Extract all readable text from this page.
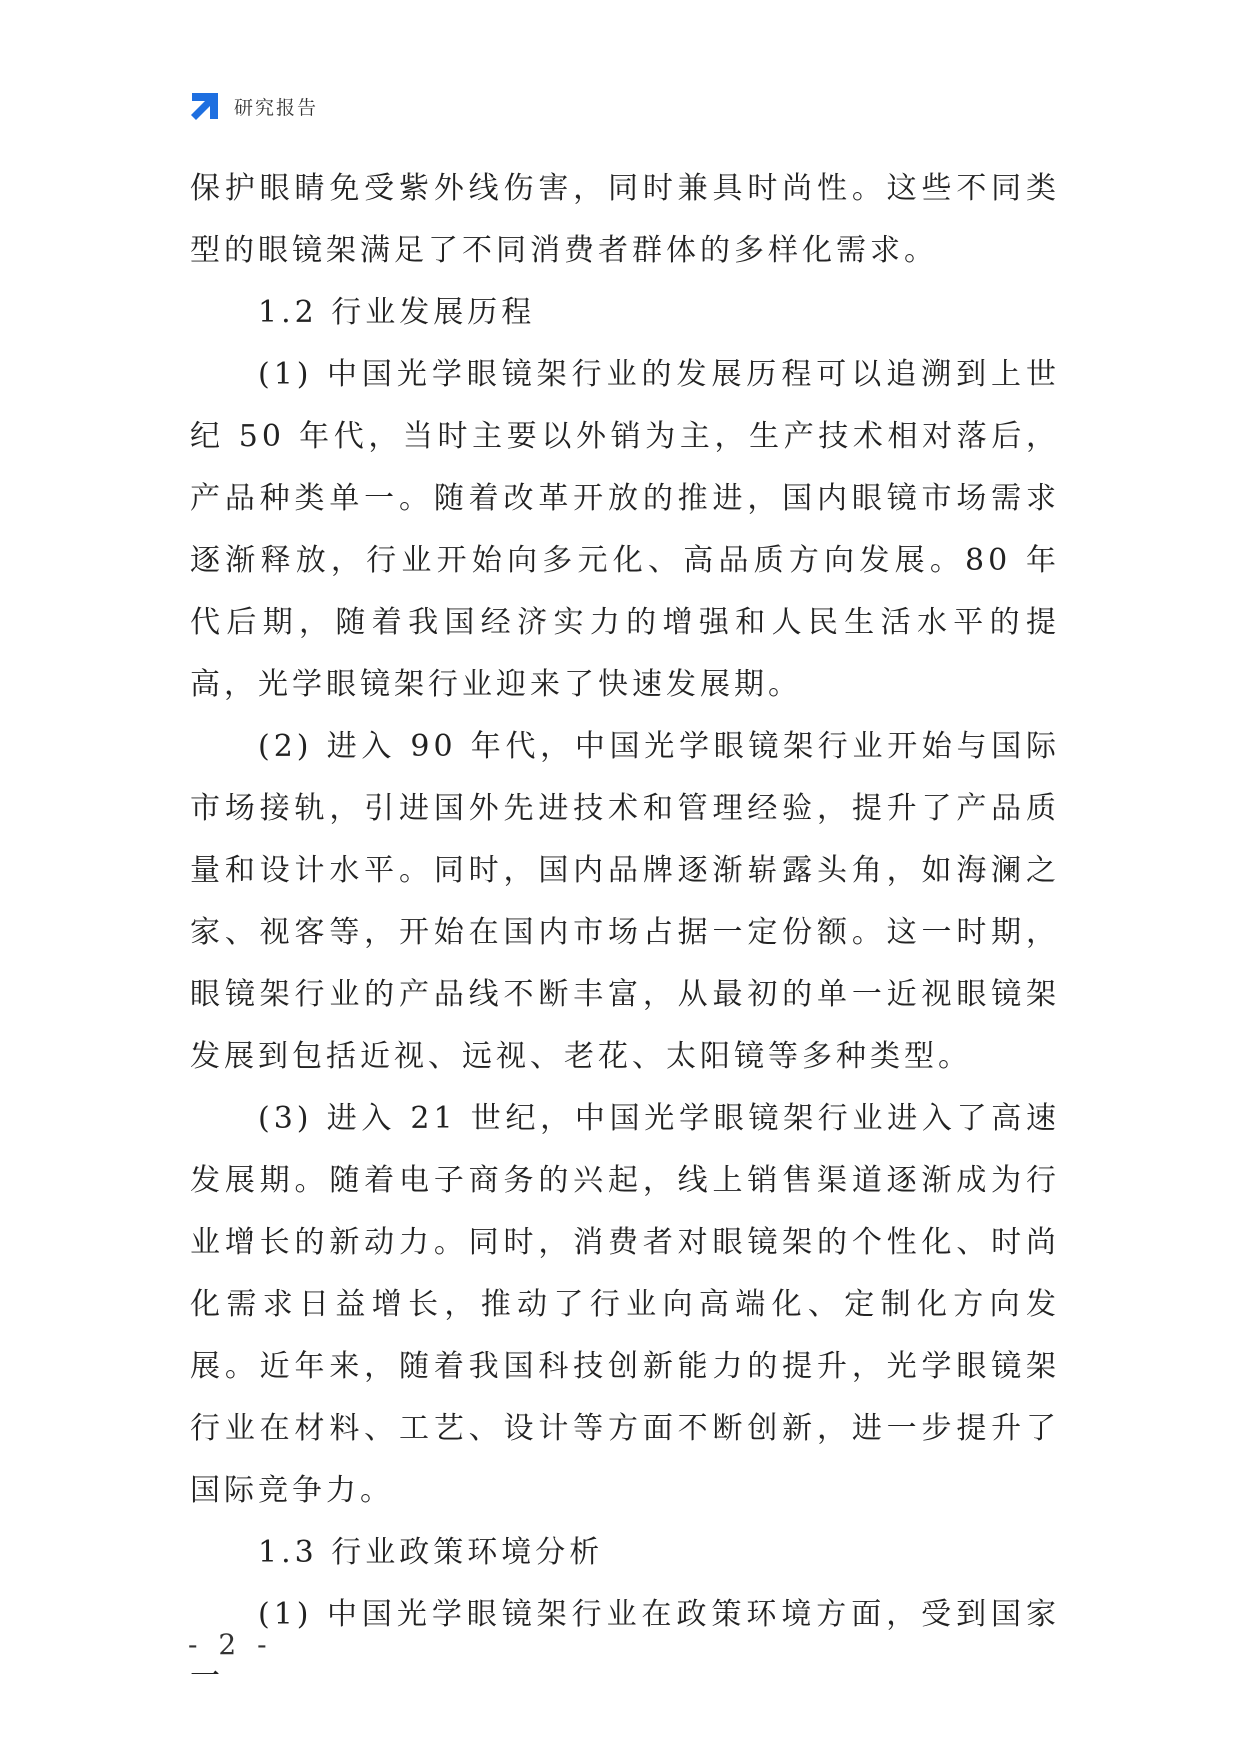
研究报告

保护眼睛免受紫外线伤害，同时兼具时尚性。这些不同类型的眼镜架满足了不同消费者群体的多样化需求。

1.2 行业发展历程

(1) 中国光学眼镜架行业的发展历程可以追溯到上世纪 50 年代，当时主要以外销为主，生产技术相对落后，产品种类单一。随着改革开放的推进，国内眼镜市场需求逐渐释放，行业开始向多元化、高品质方向发展。80 年代后期，随着我国经济实力的增强和人民生活水平的提高，光学眼镜架行业迎来了快速发展期。

(2) 进入 90 年代，中国光学眼镜架行业开始与国际市场接轨，引进国外先进技术和管理经验，提升了产品质量和设计水平。同时，国内品牌逐渐崭露头角，如海澜之家、视客等，开始在国内市场占据一定份额。这一时期，眼镜架行业的产品线不断丰富，从最初的单一近视眼镜架发展到包括近视、远视、老花、太阳镜等多种类型。

(3) 进入 21 世纪，中国光学眼镜架行业进入了高速发展期。随着电子商务的兴起，线上销售渠道逐渐成为行业增长的新动力。同时，消费者对眼镜架的个性化、时尚化需求日益增长，推动了行业向高端化、定制化方向发展。近年来，随着我国科技创新能力的提升，光学眼镜架行业在材料、工艺、设计等方面不断创新，进一步提升了国际竞争力。

1.3 行业政策环境分析

(1) 中国光学眼镜架行业在政策环境方面，受到国家一

- 2 -
